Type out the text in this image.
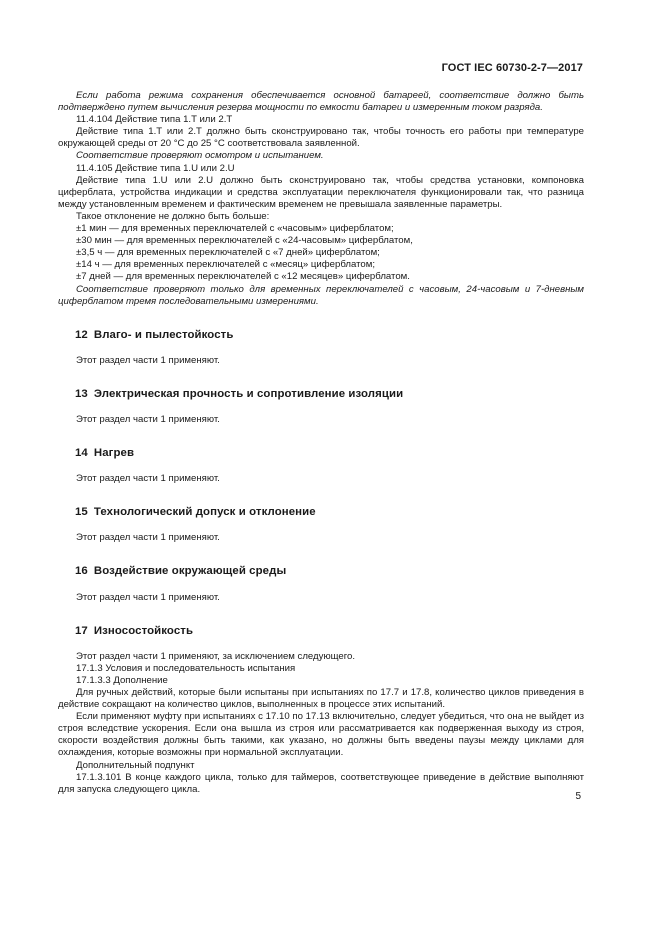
ГОСТ IEC 60730-2-7—2017

Если работа режима сохранения обеспечивается основной батареей, соответствие должно быть подтверждено путем вычисления резерва мощности по емкости батареи и измеренным током разряда.

11.4.104 Действие типа 1.T или 2.T

Действие типа 1.T или 2.T должно быть сконструировано так, чтобы точность его работы при температуре окружающей среды от 20 °C до 25 °C соответствовала заявленной.

Соответствие проверяют осмотром и испытанием.

11.4.105 Действие типа 1.U или 2.U

Действие типа 1.U или 2.U должно быть сконструировано так, чтобы средства установки, компоновка циферблата, устройства индикации и средства эксплуатации переключателя функционировали так, что разница между установленным временем и фактическим временем не превышала заявленные параметры.

Такое отклонение не должно быть больше:

±1 мин — для временных переключателей с «часовым» циферблатом;

±30 мин — для временных переключателей с «24-часовым» циферблатом,

±3,5 ч — для временных переключателей с «7 дней» циферблатом;

±14 ч — для временных переключателей с «месяц» циферблатом;

±7 дней — для временных переключателей с «12 месяцев» циферблатом.

Соответствие проверяют только для временных переключателей с часовым, 24-часовым и 7-дневным циферблатом тремя последовательными измерениями.

12 Влаго- и пылестойкость

Этот раздел части 1 применяют.

13 Электрическая прочность и сопротивление изоляции

Этот раздел части 1 применяют.

14 Нагрев

Этот раздел части 1 применяют.

15 Технологический допуск и отклонение

Этот раздел части 1 применяют.

16 Воздействие окружающей среды

Этот раздел части 1 применяют.

17 Износостойкость

Этот раздел части 1 применяют, за исключением следующего.

17.1.3 Условия и последовательность испытания

17.1.3.3 Дополнение

Для ручных действий, которые были испытаны при испытаниях по 17.7 и 17.8, количество циклов приведения в действие сокращают на количество циклов, выполненных в процессе этих испытаний.

Если применяют муфту при испытаниях с 17.10 по 17.13 включительно, следует убедиться, что она не выйдет из строя вследствие ускорения. Если она вышла из строя или рассматривается как подверженная выходу из строя, скорости воздействия должны быть такими, как указано, но должны быть введены паузы между циклами для охлаждения, которые возможны при нормальной эксплуатации.

Дополнительный подпункт

17.1.3.101 В конце каждого цикла, только для таймеров, соответствующее приведение в действие выполняют для запуска следующего цикла.

5
